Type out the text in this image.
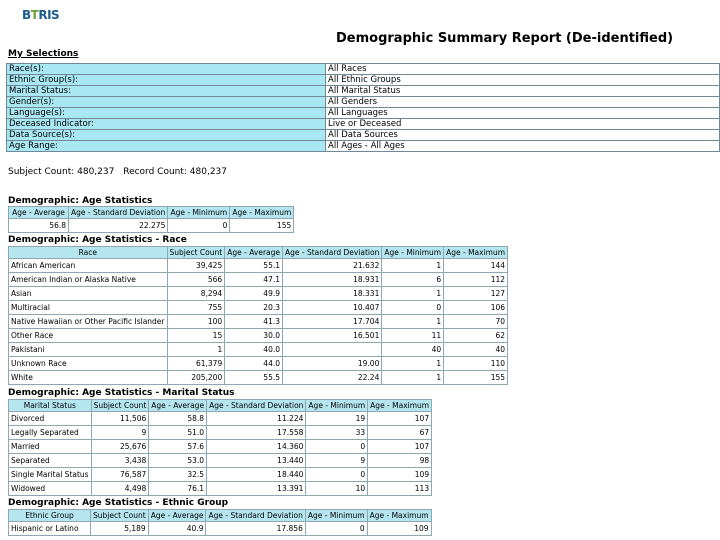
BTRIS
Demographic Summary Report (De-identified)
My Selections
Race(s):	All Races
Ethnic Group(s):	All Ethnic Groups
Marital Status:	All Marital Status
Gender(s):	All Genders
Language(s):	All Languages
Deceased Indicator:	Live or Deceased
Data Source(s):	All Data Sources
Age Range:	All Ages - All Ages
Subject Count: 480,237 Record Count: 480,237
Demographic: Age Statistics
Age - Average	Age - Standard Deviation	Age - Minimum	Age - Maximum
56.8	22.275	0	155
Demographic: Age Statistics - Race
Race	Subject Count	Age - Average	Age - Standard Deviation	Age - Minimum	Age - Maximum
African American	39,425	55.1	21.632	1	144
American Indian or Alaska Native	566	47.1	18.931	6	112
Asian	8,294	49.9	18.331	1	127
Multiracial	755	20.3	10.407	0	106
Native Hawaiian or Other Pacific Islander	100	41.3	17.704	1	70
Other Race	15	30.0	16.501	11	62
Pakistani	1	40.0		40	40
Unknown Race	61,379	44.0	19.00	1	110
White	205,200	55.5	22.24	1	155
Demographic: Age Statistics - Marital Status
Marital Status	Subject Count	Age - Average	Age - Standard Deviation	Age - Minimum	Age - Maximum
Divorced	11,506	58.8	11.224	19	107
Legally Separated	9	51.0	17.558	33	67
Married	25,676	57.6	14.360	0	107
Separated	3,438	53.0	13.440	9	98
Single Marital Status	76,587	32.5	18.440	0	109
Widowed	4,498	76.1	13.391	10	113
Demographic: Age Statistics - Ethnic Group
Ethnic Group	Subject Count	Age - Average	Age - Standard Deviation	Age - Minimum	Age - Maximum
Hispanic or Latino	5,189	40.9	17.856	0	109
